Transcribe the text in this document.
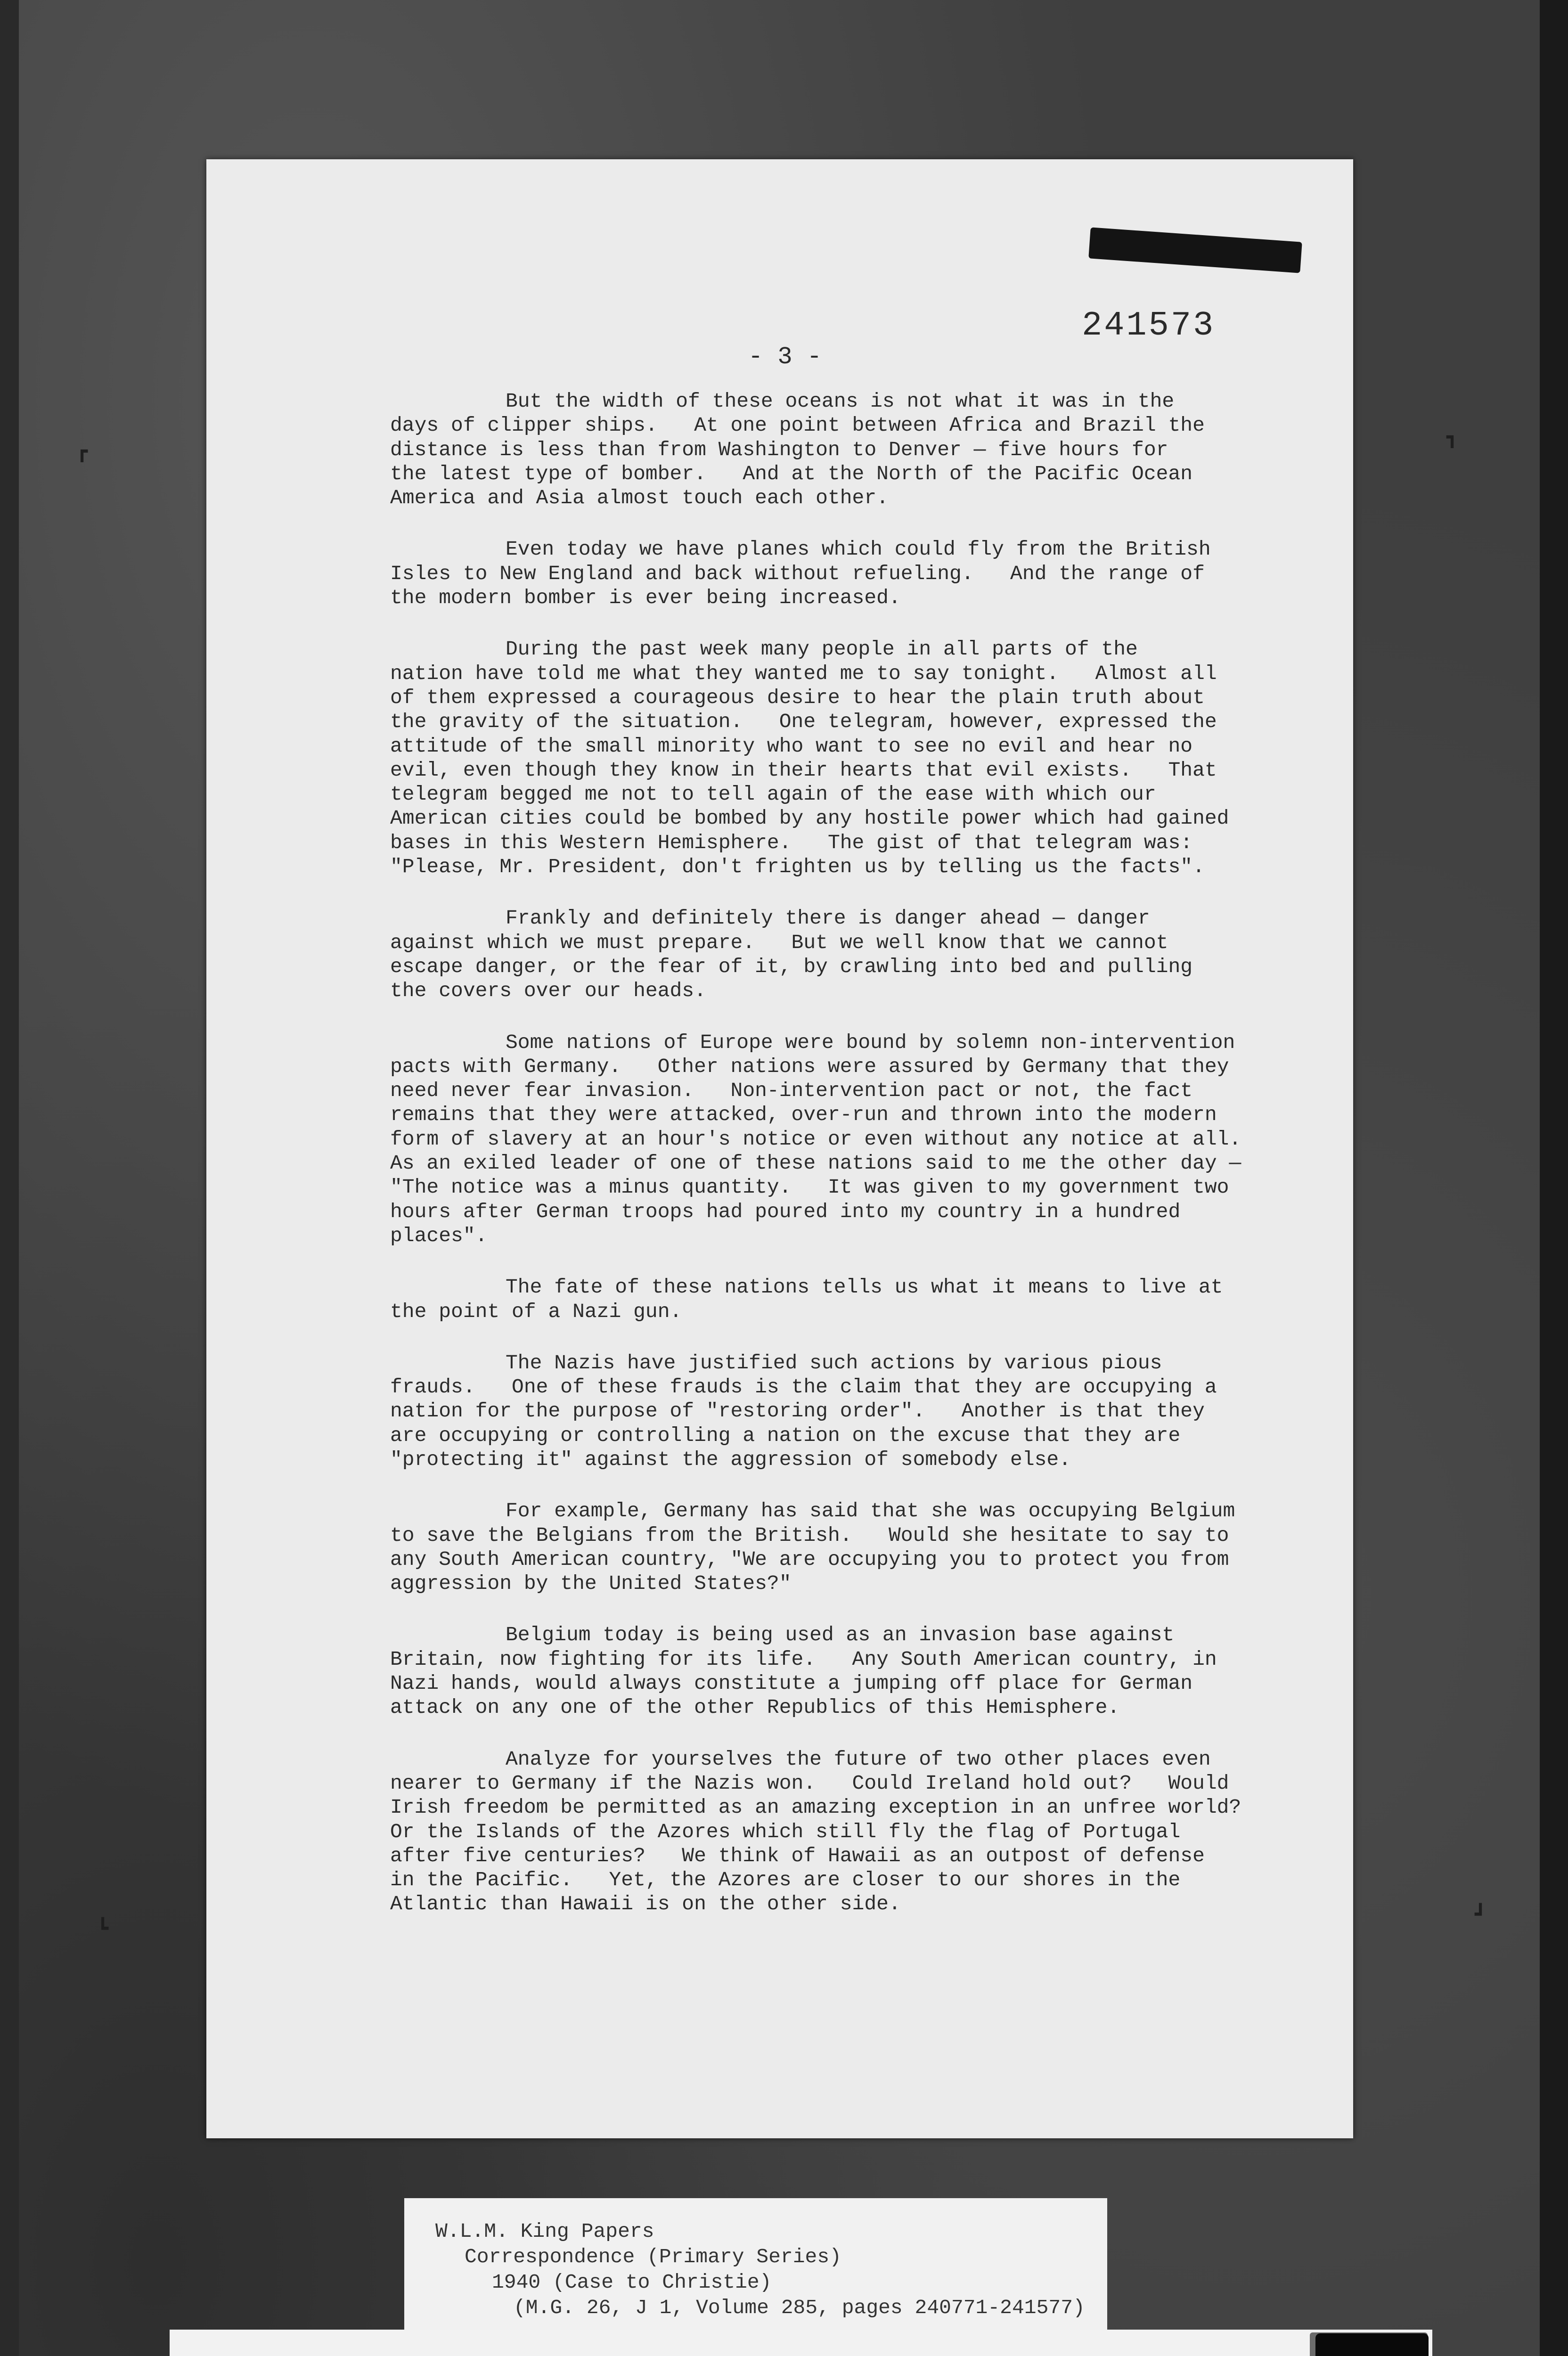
┏
┓
┗
┛
241573
- 3 -
But the width of these oceans is not what it was in the
days of clipper ships.   At one point between Africa and Brazil the
distance is less than from Washington to Denver — five hours for
the latest type of bomber.   And at the North of the Pacific Ocean
America and Asia almost touch each other.
Even today we have planes which could fly from the British
Isles to New England and back without refueling.   And the range of
the modern bomber is ever being increased.
During the past week many people in all parts of the
nation have told me what they wanted me to say tonight.   Almost all
of them expressed a courageous desire to hear the plain truth about
the gravity of the situation.   One telegram, however, expressed the
attitude of the small minority who want to see no evil and hear no
evil, even though they know in their hearts that evil exists.   That
telegram begged me not to tell again of the ease with which our
American cities could be bombed by any hostile power which had gained
bases in this Western Hemisphere.   The gist of that telegram was:
"Please, Mr. President, don't frighten us by telling us the facts".
Frankly and definitely there is danger ahead — danger
against which we must prepare.   But we well know that we cannot
escape danger, or the fear of it, by crawling into bed and pulling
the covers over our heads.
Some nations of Europe were bound by solemn non-intervention
pacts with Germany.   Other nations were assured by Germany that they
need never fear invasion.   Non-intervention pact or not, the fact
remains that they were attacked, over-run and thrown into the modern
form of slavery at an hour's notice or even without any notice at all.
As an exiled leader of one of these nations said to me the other day —
"The notice was a minus quantity.   It was given to my government two
hours after German troops had poured into my country in a hundred
places".
The fate of these nations tells us what it means to live at
the point of a Nazi gun.
The Nazis have justified such actions by various pious
frauds.   One of these frauds is the claim that they are occupying a
nation for the purpose of "restoring order".   Another is that they
are occupying or controlling a nation on the excuse that they are
"protecting it" against the aggression of somebody else.
For example, Germany has said that she was occupying Belgium
to save the Belgians from the British.   Would she hesitate to say to
any South American country, "We are occupying you to protect you from
aggression by the United States?"
Belgium today is being used as an invasion base against
Britain, now fighting for its life.   Any South American country, in
Nazi hands, would always constitute a jumping off place for German
attack on any one of the other Republics of this Hemisphere.
Analyze for yourselves the future of two other places even
nearer to Germany if the Nazis won.   Could Ireland hold out?   Would
Irish freedom be permitted as an amazing exception in an unfree world?
Or the Islands of the Azores which still fly the flag of Portugal
after five centuries?   We think of Hawaii as an outpost of defense
in the Pacific.   Yet, the Azores are closer to our shores in the
Atlantic than Hawaii is on the other side.
W.L.M. King Papers
Correspondence (Primary Series)
1940 (Case to Christie)
(M.G. 26, J 1, Volume 285, pages 240771-241577)
